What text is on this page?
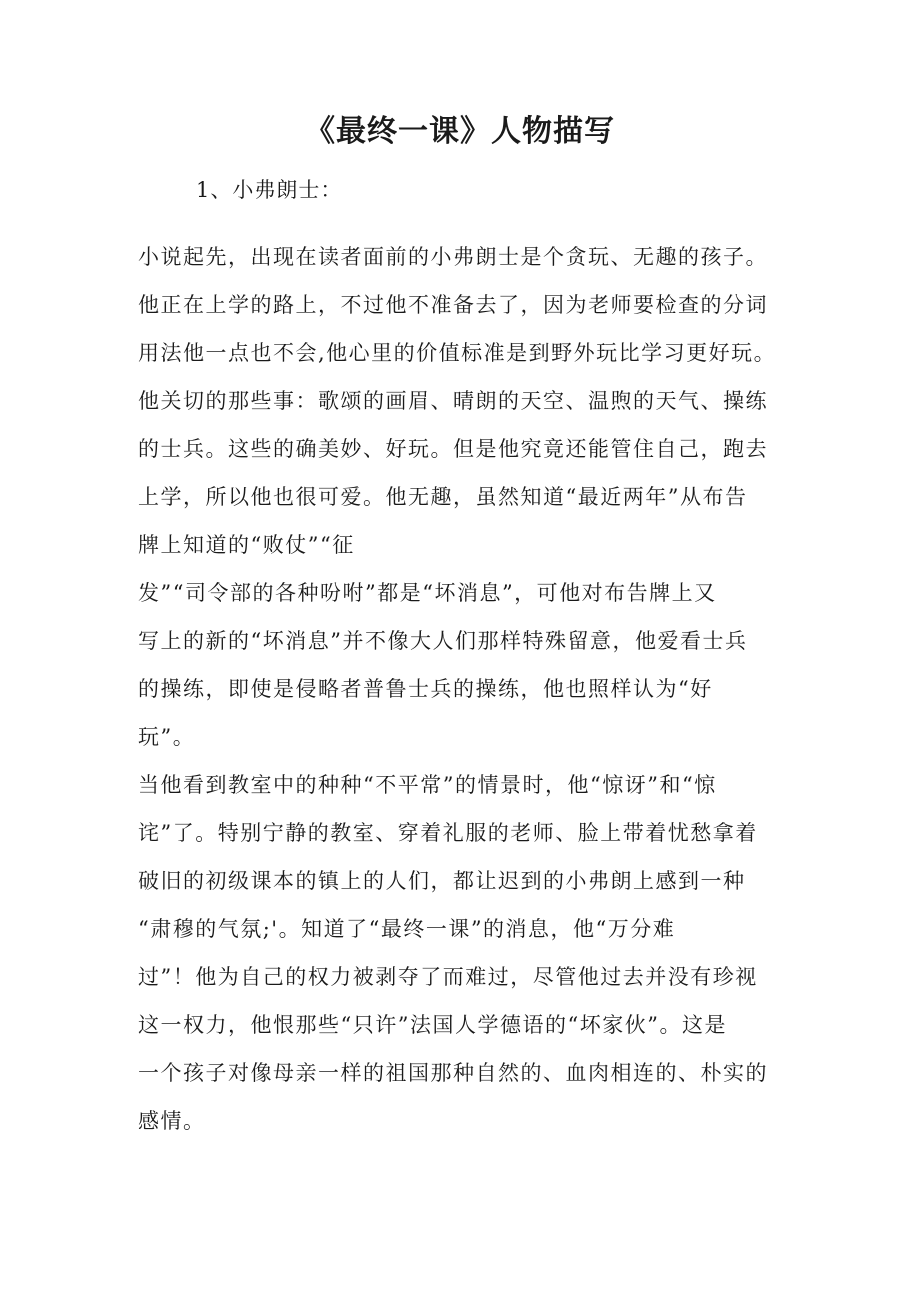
《最终一课》人物描写

1、小弗朗士：

小说起先，出现在读者面前的小弗朗士是个贪玩、无趣的孩子。
他正在上学的路上，不过他不准备去了，因为老师要检查的分词
用法他一点也不会,他心里的价值标准是到野外玩比学习更好玩。
他关切的那些事：歌颂的画眉、晴朗的天空、温煦的天气、操练
的士兵。这些的确美妙、好玩。但是他究竟还能管住自己，跑去
上学，所以他也很可爱。他无趣，虽然知道“最近两年”从布告
牌上知道的“败仗”“征
发”“司令部的各种吩咐”都是“坏消息”，可他对布告牌上又
写上的新的“坏消息”并不像大人们那样特殊留意，他爱看士兵
的操练，即使是侵略者普鲁士兵的操练，他也照样认为“好
玩”。
当他看到教室中的种种“不平常”的情景时，他“惊讶”和“惊
诧”了。特别宁静的教室、穿着礼服的老师、脸上带着忧愁拿着
破旧的初级课本的镇上的人们，都让迟到的小弗朗上感到一种
“肃穆的气氛;'。知道了“最终一课”的消息，他“万分难
过”！他为自己的权力被剥夺了而难过，尽管他过去并没有珍视
这一权力，他恨那些“只许”法国人学德语的“坏家伙”。这是
一个孩子对像母亲一样的祖国那种自然的、血肉相连的、朴实的
感情。
